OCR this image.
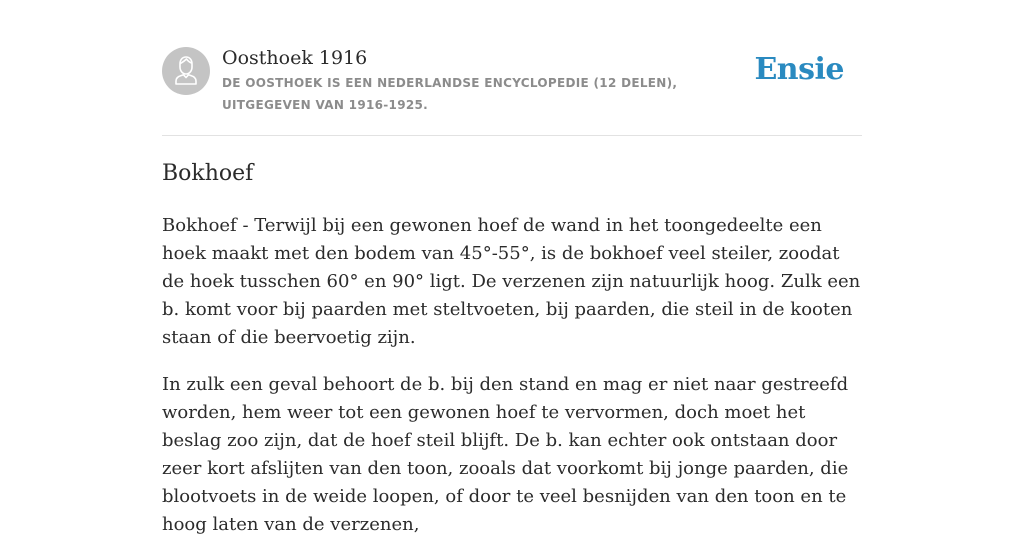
Oosthoek 1916
DE OOSTHOEK IS EEN NEDERLANDSE ENCYCLOPEDIE (12 DELEN), UITGEGEVEN VAN 1916-1925.
Ensie
Bokhoef

Bokhoef - Terwijl bij een gewonen hoef de wand in het toongedeelte een hoek maakt met den bodem van 45°-55°, is de bokhoef veel steiler, zoodat de hoek tusschen 60° en 90° ligt. De verzenen zijn natuurlijk hoog. Zulk een b. komt voor bij paarden met steltvoeten, bij paarden, die steil in de kooten staan of die beervoetig zijn.

In zulk een geval behoort de b. bij den stand en mag er niet naar gestreefd worden, hem weer tot een gewonen hoef te vervormen, doch moet het beslag zoo zijn, dat de hoef steil blijft. De b. kan echter ook ontstaan door zeer kort afslijten van den toon, zooals dat voorkomt bij jonge paarden, die blootvoets in de weide loopen, of door te veel besnijden van den toon en te hoog laten van de verzenen,
